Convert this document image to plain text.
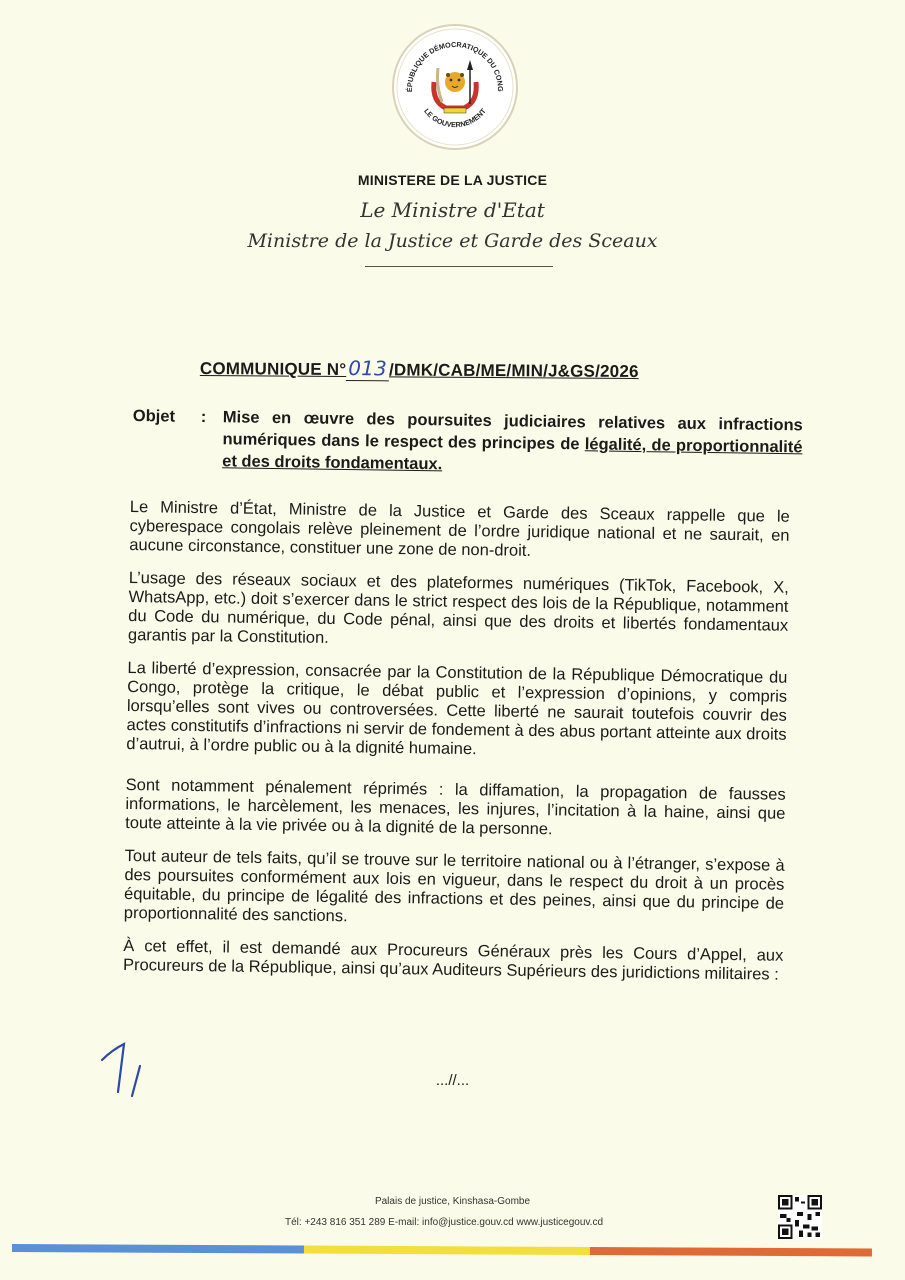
ÉPUBLIQUE DÉMOCRATIQUE DU CONG
LE GOUVERNEMENT
MINISTERE DE LA JUSTICE
Le Ministre d'Etat
Ministre de la Justice et Garde des Sceaux
COMMUNIQUE N°013 /DMK/CAB/ME/MIN/J&GS/2026
Objet : Mise en œuvre des poursuites judiciaires relatives aux infractions numériques dans le respect des principes de légalité, de proportionnalité et des droits fondamentaux.

Le Ministre d’État, Ministre de la Justice et Garde des Sceaux rappelle que le cyberespace congolais relève pleinement de l’ordre juridique national et ne saurait, en aucune circonstance, constituer une zone de non-droit.

L’usage des réseaux sociaux et des plateformes numériques (TikTok, Facebook, X, WhatsApp, etc.) doit s’exercer dans le strict respect des lois de la République, notamment du Code du numérique, du Code pénal, ainsi que des droits et libertés fondamentaux garantis par la Constitution.

La liberté d’expression, consacrée par la Constitution de la République Démocratique du Congo, protège la critique, le débat public et l’expression d’opinions, y compris lorsqu’elles sont vives ou controversées. Cette liberté ne saurait toutefois couvrir des actes constitutifs d’infractions ni servir de fondement à des abus portant atteinte aux droits d’autrui, à l’ordre public ou à la dignité humaine.

Sont notamment pénalement réprimés : la diffamation, la propagation de fausses informations, le harcèlement, les menaces, les injures, l’incitation à la haine, ainsi que toute atteinte à la vie privée ou à la dignité de la personne.

Tout auteur de tels faits, qu’il se trouve sur le territoire national ou à l’étranger, s’expose à des poursuites conformément aux lois en vigueur, dans le respect du droit à un procès équitable, du principe de légalité des infractions et des peines, ainsi que du principe de proportionnalité des sanctions.

À cet effet, il est demandé aux Procureurs Généraux près les Cours d’Appel, aux Procureurs de la République, ainsi qu’aux Auditeurs Supérieurs des juridictions militaires :

1/
...//...
Palais de justice, Kinshasa-Gombe
Tél: +243 816 351 289 E-mail: info@justice.gouv.cd www.justicegouv.cd
